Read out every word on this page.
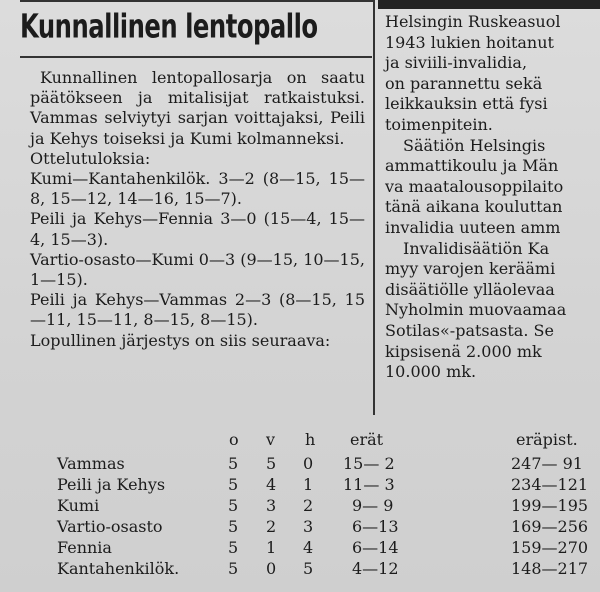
Kunnallinen lentopallo

Kunnallinen lentopallosarja on saatu päätökseen ja mitalisijat ratkaistuksi. Vammas selviytyi sarjan voittajaksi, Peili ja Kehys toiseksi ja Kumi kolmanneksi.

Ottelutuloksia:

Kumi—Kantahenkilök. 3—2 (8—15, 15—8, 15—12, 14—16, 15—7).

Peili ja Kehys—Fennia 3—0 (15—4, 15—4, 15—3).

Vartio-osasto—Kumi 0—3 (9—15, 10—15, 1—15).

Peili ja Kehys—Vammas 2—3 (8—15, 15—11, 15—11, 8—15, 8—15).

Lopullinen järjestys on siis seuraava:

Helsingin Ruskeasuol

1943 lukien hoitanut

ja siviili-invalidia,

on parannettu sekä

leikkauksin että fysi

toimenpitein.

Säätiön Helsingis

ammattikoulu ja Män

va maatalousoppilaito

tänä aikana kouluttan

invalidia uuteen amm

Invalidisäätiön Ka

myy varojen keräämi

disäätiölle ylläolevaa

Nyholmin muovaamaa

Sotilas«-patsasta. Se

kipsisenä 2.000 mk

10.000 mk.

o v h erät	eräpist.
Vammas	5 5 0 15— 2	247— 91
Peili ja Kehys	5 4 1 11— 3	234—121
Kumi	5 3 2 9— 9	199—195
Vartio-osasto	5 2 3 6—13	169—256
Fennia	5 1 4 6—14	159—270
Kantahenkilök.	5 0 5 4—12	148—217
